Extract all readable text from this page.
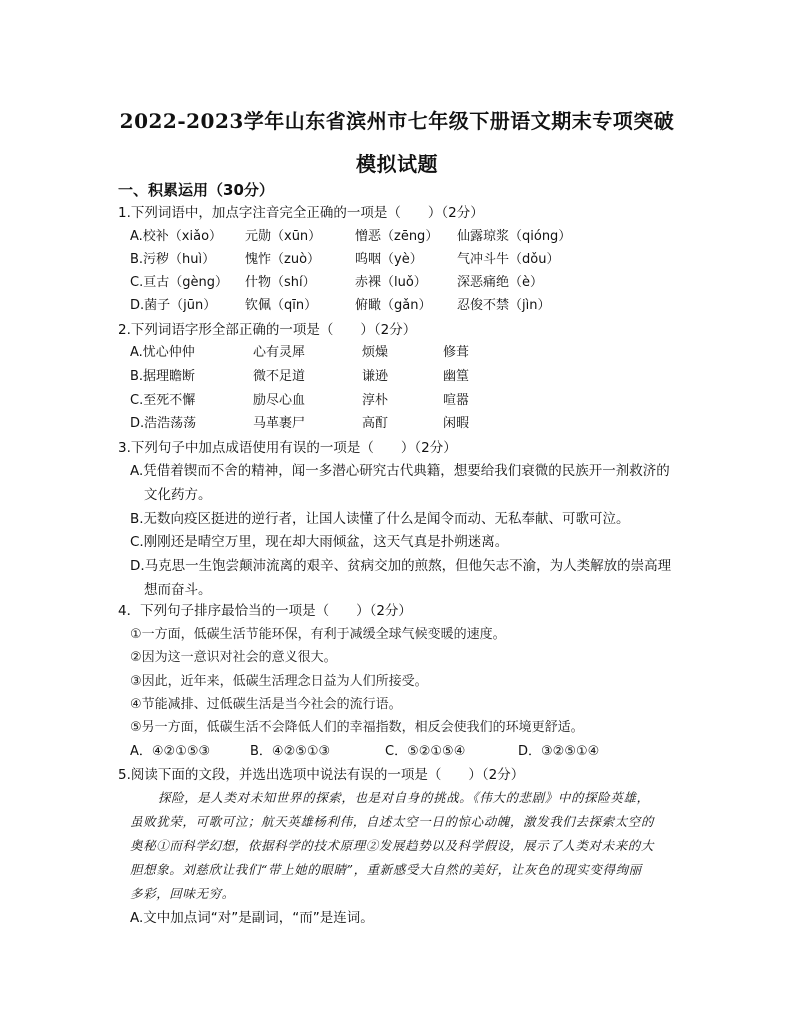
2022-2023学年山东省滨州市七年级下册语文期末专项突破
模拟试题
一、积累运用（30分）
1.下列词语中，加点字注音完全正确的一项是（　　）（2分）
A.校补（xiǎo） 元勋（xūn）	憎恶（zēng） 仙露琼浆（qióng）
B.污秽（huì） 愧怍（zuò）	呜咽（yè）	气冲斗牛（dǒu）
C.亘古（gèng） 什物（shí）	赤裸（luǒ） 深恶痛绝（è）
D.菌子（jūn） 钦佩（qīn）	俯瞰（gǎn） 忍俊不禁（jìn）
2.下列词语字形全部正确的一项是（　　）（2分）
A.忧心仲仲	心有灵犀	烦燥	修葺
B.据理瞻断	微不足道	谦逊	幽篁
C.至死不懈	励尽心血	淳朴	喧嚣
D.浩浩荡荡	马革裹尸	高酊	闲暇
3.下列句子中加点成语使用有误的一项是（　　）（2分）
A.凭借着锲而不舍的精神，闻一多潜心研究古代典籍，想要给我们衰微的民族开一剂救济的
文化药方。
B.无数向疫区挺进的逆行者，让国人读懂了什么是闻令而动、无私奉献、可歌可泣。
C.刚刚还是晴空万里，现在却大雨倾盆，这天气真是扑朔迷离。
D.马克思一生饱尝颠沛流离的艰辛、贫病交加的煎熬，但他矢志不渝，为人类解放的崇高理
想而奋斗。
4．下列句子排序最恰当的一项是（　　）（2分）
①一方面，低碳生活节能环保，有利于减缓全球气候变暖的速度。
②因为这一意识对社会的意义很大。
③因此，近年来，低碳生活理念日益为人们所接受。
④节能减排、过低碳生活是当今社会的流行语。
⑤另一方面，低碳生活不会降低人们的幸福指数，相反会使我们的环境更舒适。
A．④②①⑤③	B．④②⑤①③	C．⑤②①⑤④	D．③②⑤①④
5.阅读下面的文段，并选出选项中说法有误的一项是（　　）（2分）
探险，是人类对未知世界的探索，也是对自身的挑战。《伟大的悲剧》中的探险英雄，
虽败犹荣，可歌可泣；航天英雄杨利伟，自述太空一日的惊心动魄，激发我们去探索太空的
奥秘①而科学幻想，依据科学的技术原理②发展趋势以及科学假设，展示了人类对未来的大
胆想象。刘慈欣让我们“带上她的眼睛”，重新感受大自然的美好，让灰色的现实变得绚丽
多彩，回味无穷。
A.文中加点词“对”是副词，“而”是连词。
